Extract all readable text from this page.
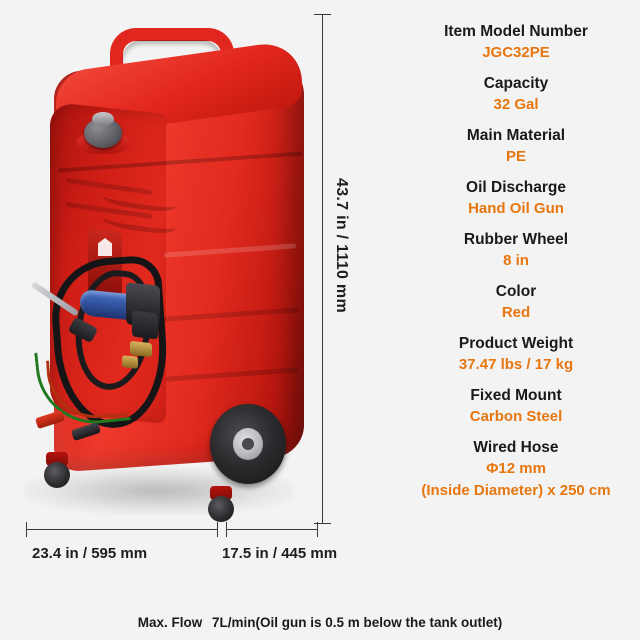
43.7 in / 1110 mm
23.4 in / 595 mm	17.5 in / 445 mm
Item Model Number
JGC32PE
Capacity
32 Gal
Main Material
PE
Oil Discharge
Hand Oil Gun
Rubber Wheel
8 in
Color
Red
Product Weight
37.47 lbs / 17 kg
Fixed Mount
Carbon Steel
Wired Hose
Φ12 mm
(Inside Diameter) x 250 cm
Max. Flow 7L/min(Oil gun is 0.5 m below the tank outlet)
